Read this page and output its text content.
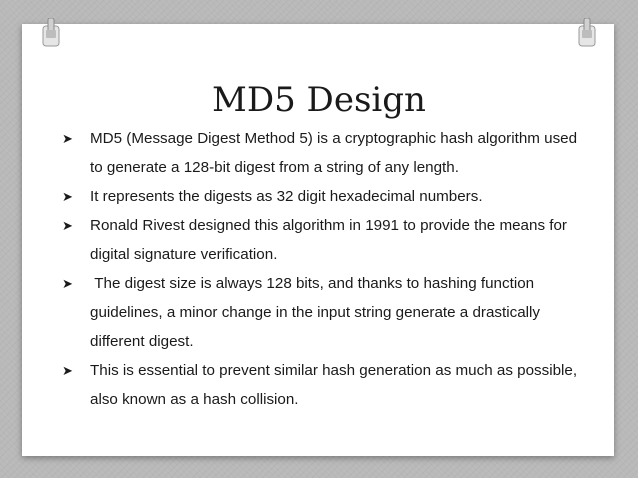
MD5 Design
➤ MD5 (Message Digest Method 5) is a cryptographic hash algorithm used to generate a 128-bit digest from a string of any length.
➤ It represents the digests as 32 digit hexadecimal numbers.
➤ Ronald Rivest designed this algorithm in 1991 to provide the means for digital signature verification.
➤ The digest size is always 128 bits, and thanks to hashing function guidelines, a minor change in the input string generate a drastically different digest.
➤ This is essential to prevent similar hash generation as much as possible, also known as a hash collision.
